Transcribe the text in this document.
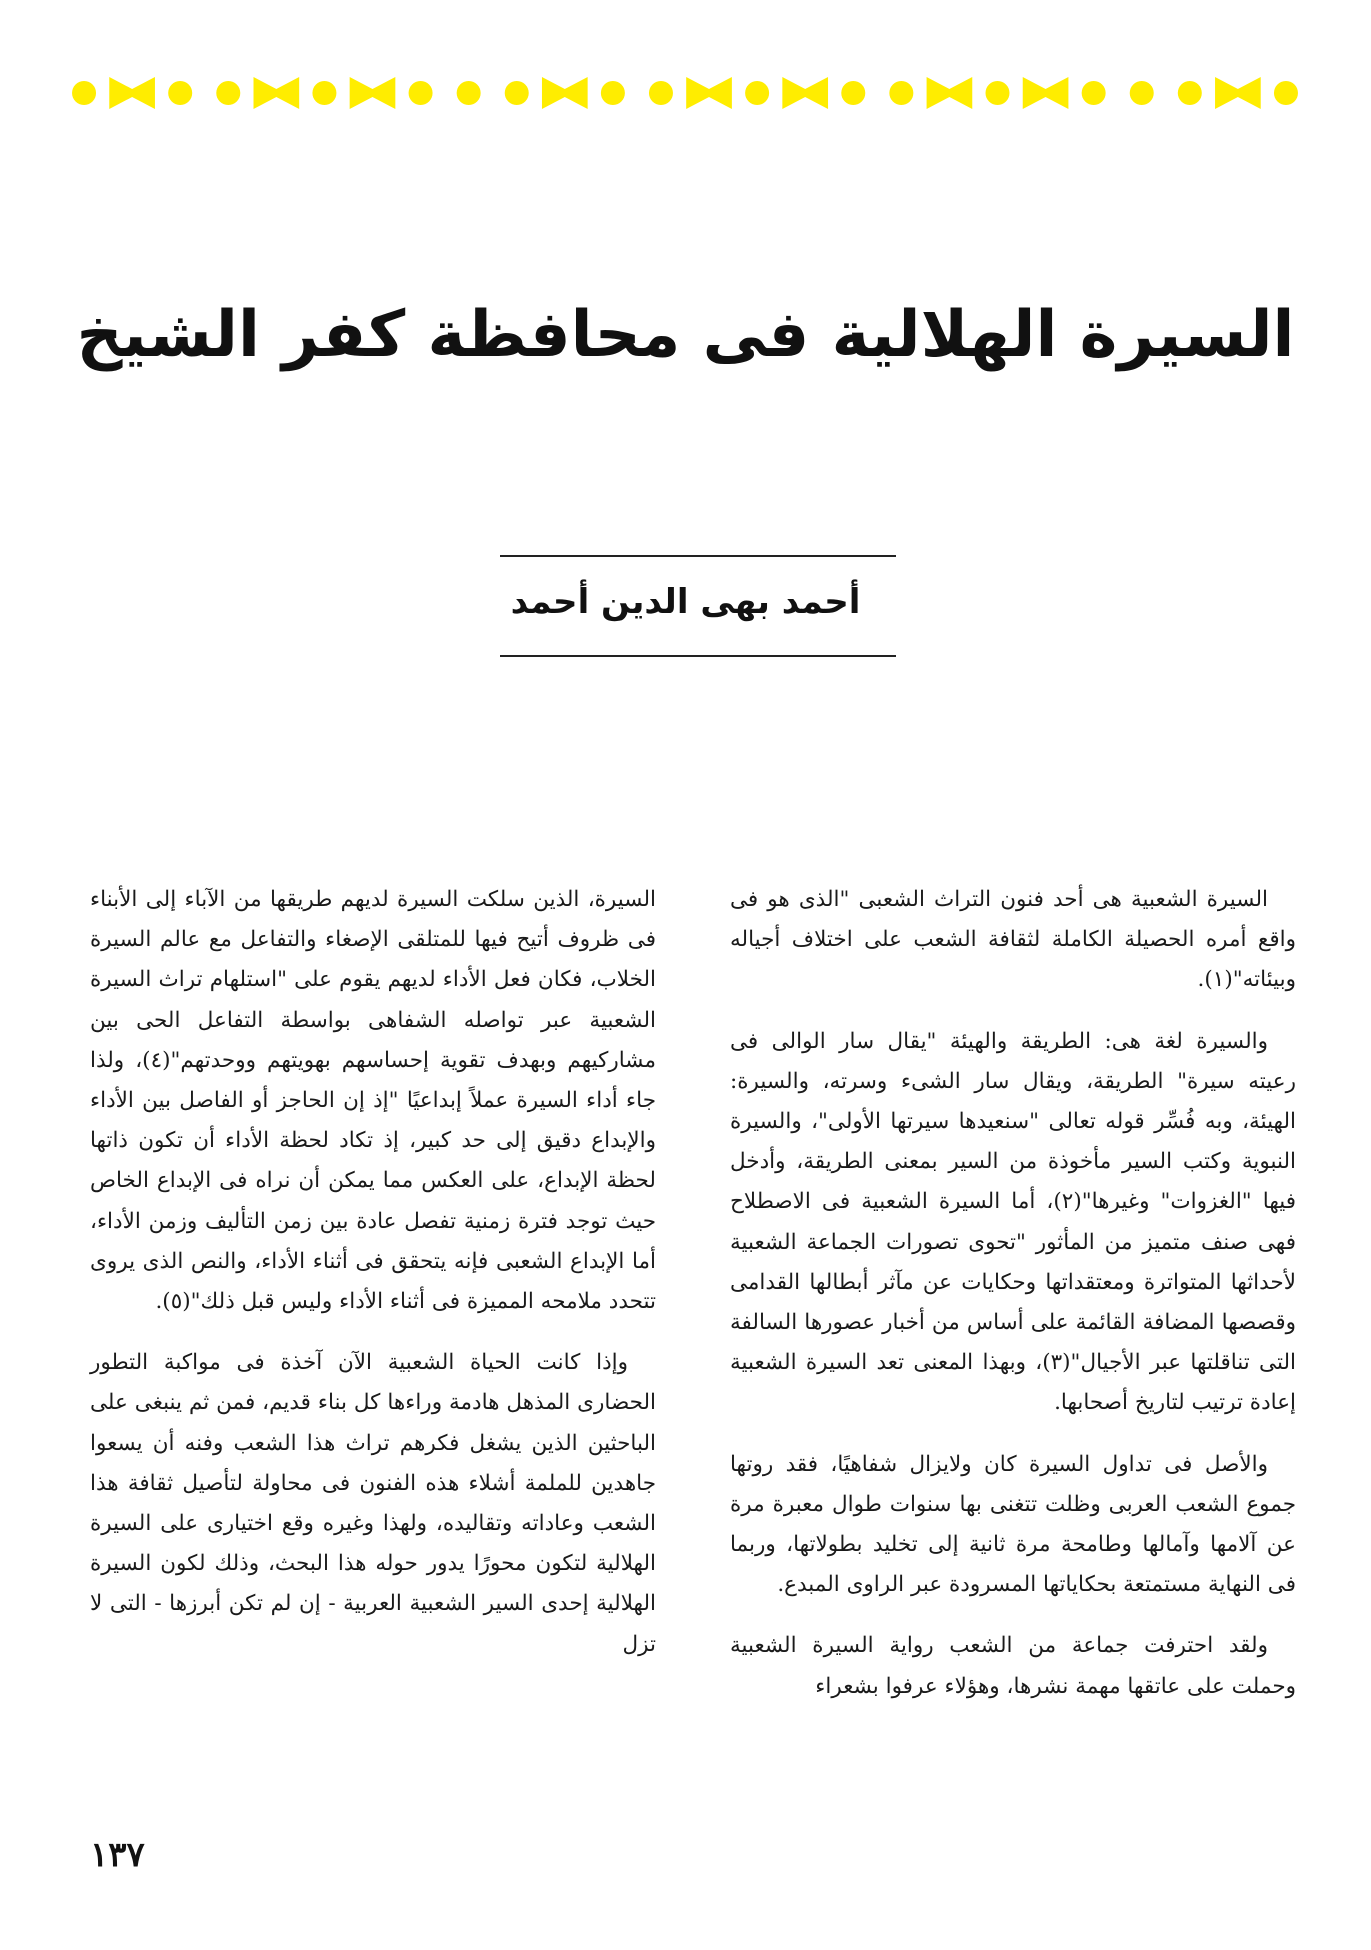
السيرة الهلالية فى محافظة كفر الشيخ
أحمد بهى الدين أحمد

السيرة الشعبية هى أحد فنون التراث الشعبى "الذى هو فى واقع أمره الحصيلة الكاملة لثقافة الشعب على اختلاف أجياله وبيئاته"(١).

والسيرة لغة هى: الطريقة والهيئة "يقال سار الوالى فى رعيته سيرة" الطريقة، ويقال سار الشىء وسرته، والسيرة: الهيئة، وبه فُسِّر قوله تعالى "سنعيدها سيرتها الأولى"، والسيرة النبوية وكتب السير مأخوذة من السير بمعنى الطريقة، وأدخل فيها "الغزوات" وغيرها"(٢)، أما السيرة الشعبية فى الاصطلاح فهى صنف متميز من المأثور "تحوى تصورات الجماعة الشعبية لأحداثها المتواترة ومعتقداتها وحكايات عن مآثر أبطالها القدامى وقصصها المضافة القائمة على أساس من أخبار عصورها السالفة التى تناقلتها عبر الأجيال"(٣)، وبهذا المعنى تعد السيرة الشعبية إعادة ترتيب لتاريخ أصحابها.

والأصل فى تداول السيرة كان ولايزال شفاهيًا، فقد روتها جموع الشعب العربى وظلت تتغنى بها سنوات طوال معبرة مرة عن آلامها وآمالها وطامحة مرة ثانية إلى تخليد بطولاتها، وربما فى النهاية مستمتعة بحكاياتها المسرودة عبر الراوى المبدع.

ولقد احترفت جماعة من الشعب رواية السيرة الشعبية وحملت على عاتقها مهمة نشرها، وهؤلاء عرفوا بشعراء

السيرة، الذين سلكت السيرة لديهم طريقها من الآباء إلى الأبناء فى ظروف أتيح فيها للمتلقى الإصغاء والتفاعل مع عالم السيرة الخلاب، فكان فعل الأداء لديهم يقوم على "استلهام تراث السيرة الشعبية عبر تواصله الشفاهى بواسطة التفاعل الحى بين مشاركيهم وبهدف تقوية إحساسهم بهويتهم ووحدتهم"(٤)، ولذا جاء أداء السيرة عملاً إبداعيًا "إذ إن الحاجز أو الفاصل بين الأداء والإبداع دقيق إلى حد كبير، إذ تكاد لحظة الأداء أن تكون ذاتها لحظة الإبداع، على العكس مما يمكن أن نراه فى الإبداع الخاص حيث توجد فترة زمنية تفصل عادة بين زمن التأليف وزمن الأداء، أما الإبداع الشعبى فإنه يتحقق فى أثناء الأداء، والنص الذى يروى تتحدد ملامحه المميزة فى أثناء الأداء وليس قبل ذلك"(٥).

وإذا كانت الحياة الشعبية الآن آخذة فى مواكبة التطور الحضارى المذهل هادمة وراءها كل بناء قديم، فمن ثم ينبغى على الباحثين الذين يشغل فكرهم تراث هذا الشعب وفنه أن يسعوا جاهدين للملمة أشلاء هذه الفنون فى محاولة لتأصيل ثقافة هذا الشعب وعاداته وتقاليده، ولهذا وغيره وقع اختيارى على السيرة الهلالية لتكون محورًا يدور حوله هذا البحث، وذلك لكون السيرة الهلالية إحدى السير الشعبية العربية - إن لم تكن أبرزها - التى لا تزل

١٣٧
